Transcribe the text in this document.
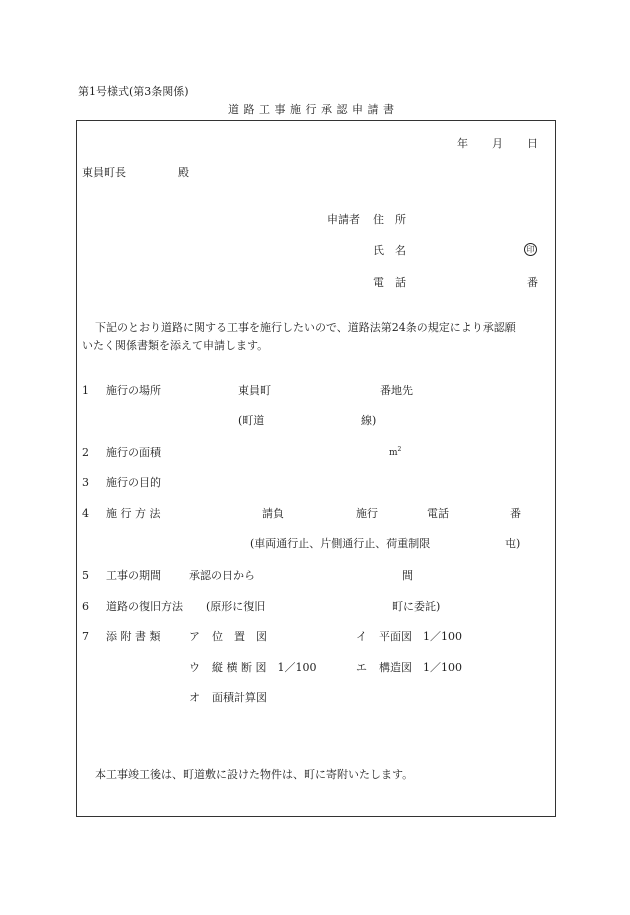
第1号様式(第3条関係)
道路工事施行承認申請書
年 月 日
東員町長	殿
申請者 住　所
氏　名	印
電　話	番
下記のとおり道路に関する工事を施行したいので、道路法第24条の規定により承認願
いたく関係書類を添えて申請します。
1 施行の場所	東員町	番地先
(町道	線)
2 施行の面積	$m^2$
3 施行の目的
4 施 行 方 法	請負	施行	電話	番
(車両通行止、片側通行止、荷重制限	屯)
5 工事の期間	承認の日から	間
6 道路の復旧方法 (原形に復旧	町に委託)
7 添 附 書 類	ア 位　置　図	イ 平面図　1／100
ウ 縦 横 断 図　1／100	エ 構造図　1／100
オ 面積計算図
本工事竣工後は、町道敷に設けた物件は、町に寄附いたします。
